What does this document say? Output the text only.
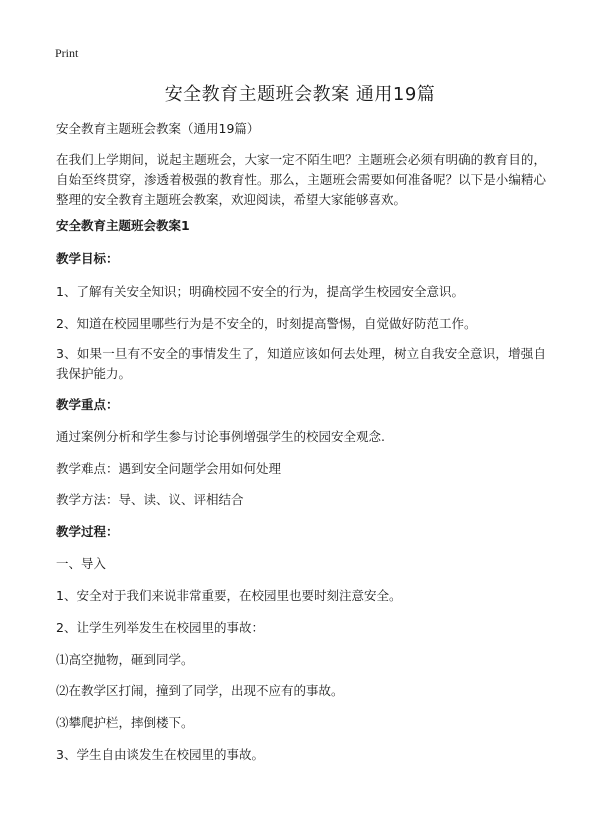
Print
安全教育主题班会教案 通用19篇
安全教育主题班会教案（通用19篇）
在我们上学期间，说起主题班会，大家一定不陌生吧？主题班会必须有明确的教育目的，自始至终贯穿，渗透着极强的教育性。那么，主题班会需要如何准备呢？以下是小编精心整理的安全教育主题班会教案，欢迎阅读，希望大家能够喜欢。
安全教育主题班会教案1
教学目标：
1、了解有关安全知识；明确校园不安全的行为，提高学生校园安全意识。
2、知道在校园里哪些行为是不安全的，时刻提高警惕，自觉做好防范工作。
3、如果一旦有不安全的事情发生了，知道应该如何去处理，树立自我安全意识，增强自我保护能力。
教学重点：
通过案例分析和学生参与讨论事例增强学生的校园安全观念.
教学难点：遇到安全问题学会用如何处理
教学方法：导、读、议、评相结合
教学过程：
一、导入
1、安全对于我们来说非常重要，在校园里也要时刻注意安全。
2、让学生列举发生在校园里的事故：
⑴高空抛物，砸到同学。
⑵在教学区打闹，撞到了同学，出现不应有的事故。
⑶攀爬护栏，摔倒楼下。
3、学生自由谈发生在校园里的事故。
